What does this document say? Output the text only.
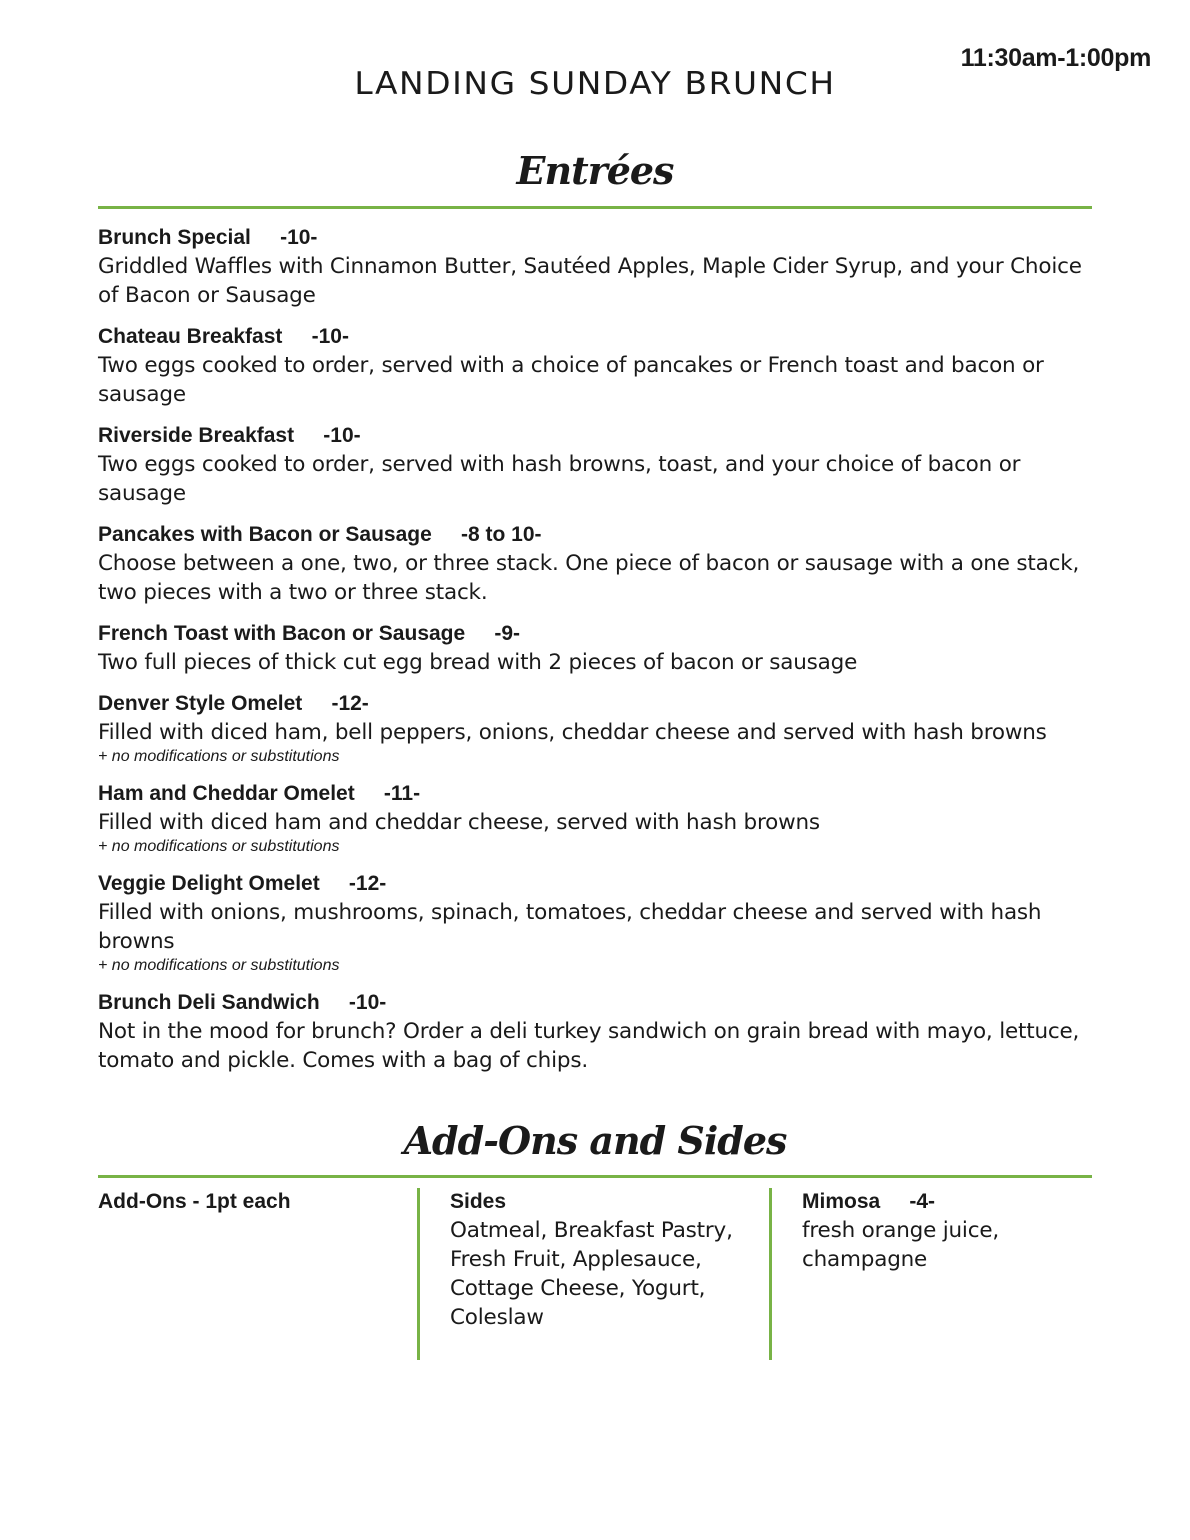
11:30am-1:00pm
LANDING SUNDAY BRUNCH
Entrées
Brunch Special -10-
Griddled Waffles with Cinnamon Butter, Sautéed Apples, Maple Cider Syrup, and your Choice of Bacon or Sausage
Chateau Breakfast -10-
Two eggs cooked to order, served with a choice of pancakes or French toast and bacon or sausage
Riverside Breakfast -10-
Two eggs cooked to order, served with hash browns, toast, and your choice of bacon or sausage
Pancakes with Bacon or Sausage -8 to 10-
Choose between a one, two, or three stack. One piece of bacon or sausage with a one stack, two pieces with a two or three stack.
French Toast with Bacon or Sausage -9-
Two full pieces of thick cut egg bread with 2 pieces of bacon or sausage
Denver Style Omelet -12-
Filled with diced ham, bell peppers, onions, cheddar cheese and served with hash browns
+ no modifications or substitutions
Ham and Cheddar Omelet -11-
Filled with diced ham and cheddar cheese, served with hash browns
+ no modifications or substitutions
Veggie Delight Omelet -12-
Filled with onions, mushrooms, spinach, tomatoes, cheddar cheese and served with hash browns
+ no modifications or substitutions
Brunch Deli Sandwich -10-
Not in the mood for brunch? Order a deli turkey sandwich on grain bread with mayo, lettuce, tomato and pickle. Comes with a bag of chips.
Add-Ons and Sides
Add-Ons - 1pt each	Sides
Oatmeal, Breakfast Pastry, Fresh Fruit, Applesauce, Cottage Cheese, Yogurt, Coleslaw
Mimosa -4-
fresh orange juice, champagne
